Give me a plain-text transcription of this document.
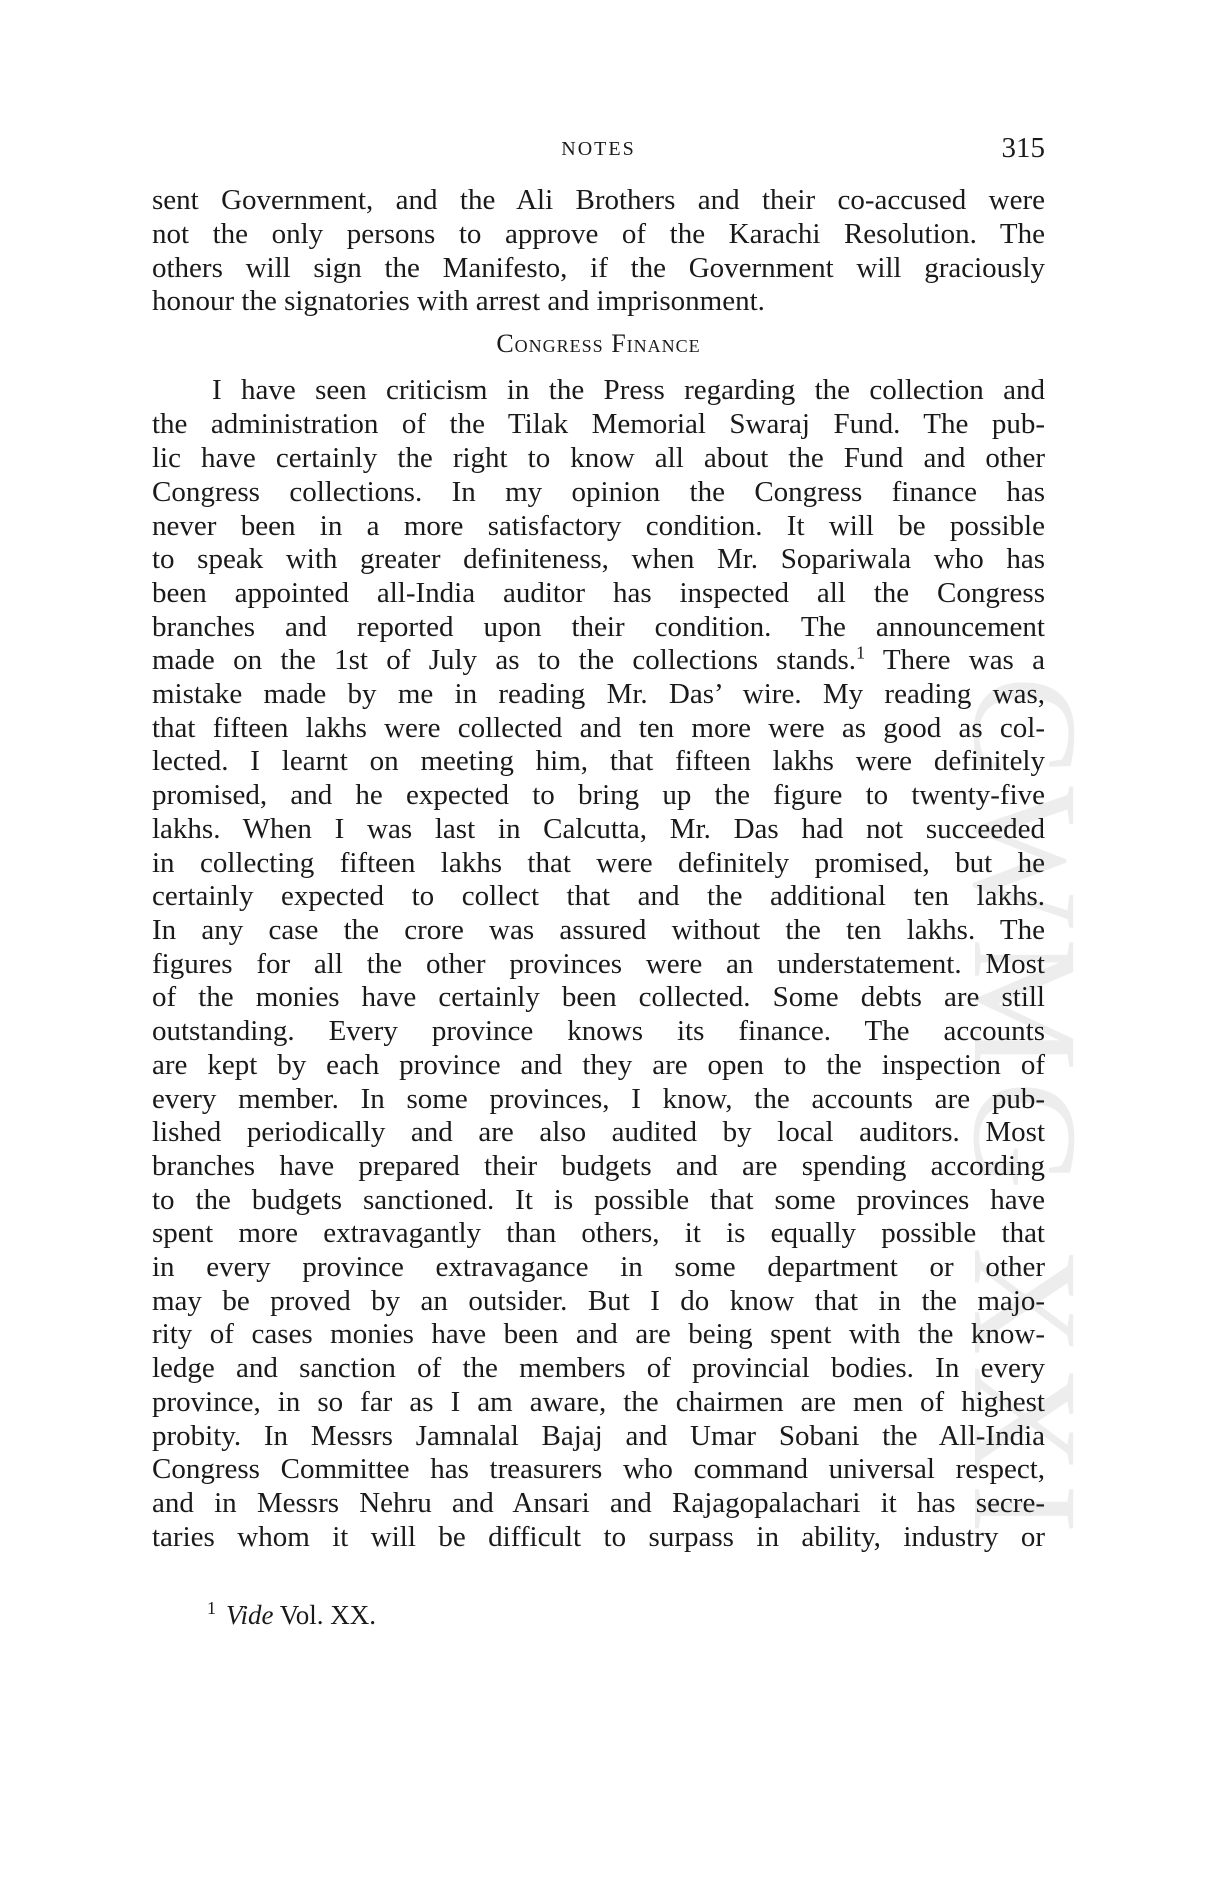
CWMG XXI
NOTES	315
sent Government, and the Ali Brothers and their co-accused were
not the only persons to approve of the Karachi Resolution. The
others will sign the Manifesto, if the Government will graciously
honour the signatories with arrest and imprisonment.
Congress Finance
I have seen criticism in the Press regarding the collection and
the administration of the Tilak Memorial Swaraj Fund. The pub-
lic have certainly the right to know all about the Fund and other
Congress collections. In my opinion the Congress finance has
never been in a more satisfactory condition. It will be possible
to speak with greater definiteness, when Mr. Sopariwala who has
been appointed all-India auditor has inspected all the Congress
branches and reported upon their condition. The announcement
made on the 1st of July as to the collections stands.$^1$ There was a
mistake made by me in reading Mr. Das’ wire. My reading was,
that fifteen lakhs were collected and ten more were as good as col-
lected. I learnt on meeting him, that fifteen lakhs were definitely
promised, and he expected to bring up the figure to twenty-five
lakhs. When I was last in Calcutta, Mr. Das had not succeeded
in collecting fifteen lakhs that were definitely promised, but he
certainly expected to collect that and the additional ten lakhs.
In any case the crore was assured without the ten lakhs. The
figures for all the other provinces were an understatement. Most
of the monies have certainly been collected. Some debts are still
outstanding. Every province knows its finance. The accounts
are kept by each province and they are open to the inspection of
every member. In some provinces, I know, the accounts are pub-
lished periodically and are also audited by local auditors. Most
branches have prepared their budgets and are spending according
to the budgets sanctioned. It is possible that some provinces have
spent more extravagantly than others, it is equally possible that
in every province extravagance in some department or other
may be proved by an outsider. But I do know that in the majo-
rity of cases monies have been and are being spent with the know-
ledge and sanction of the members of provincial bodies. In every
province, in so far as I am aware, the chairmen are men of highest
probity. In Messrs Jamnalal Bajaj and Umar Sobani the All-India
Congress Committee has treasurers who command universal respect,
and in Messrs Nehru and Ansari and Rajagopalachari it has secre-
taries whom it will be difficult to surpass in ability, industry or
$^1$ Vide Vol. XX.
